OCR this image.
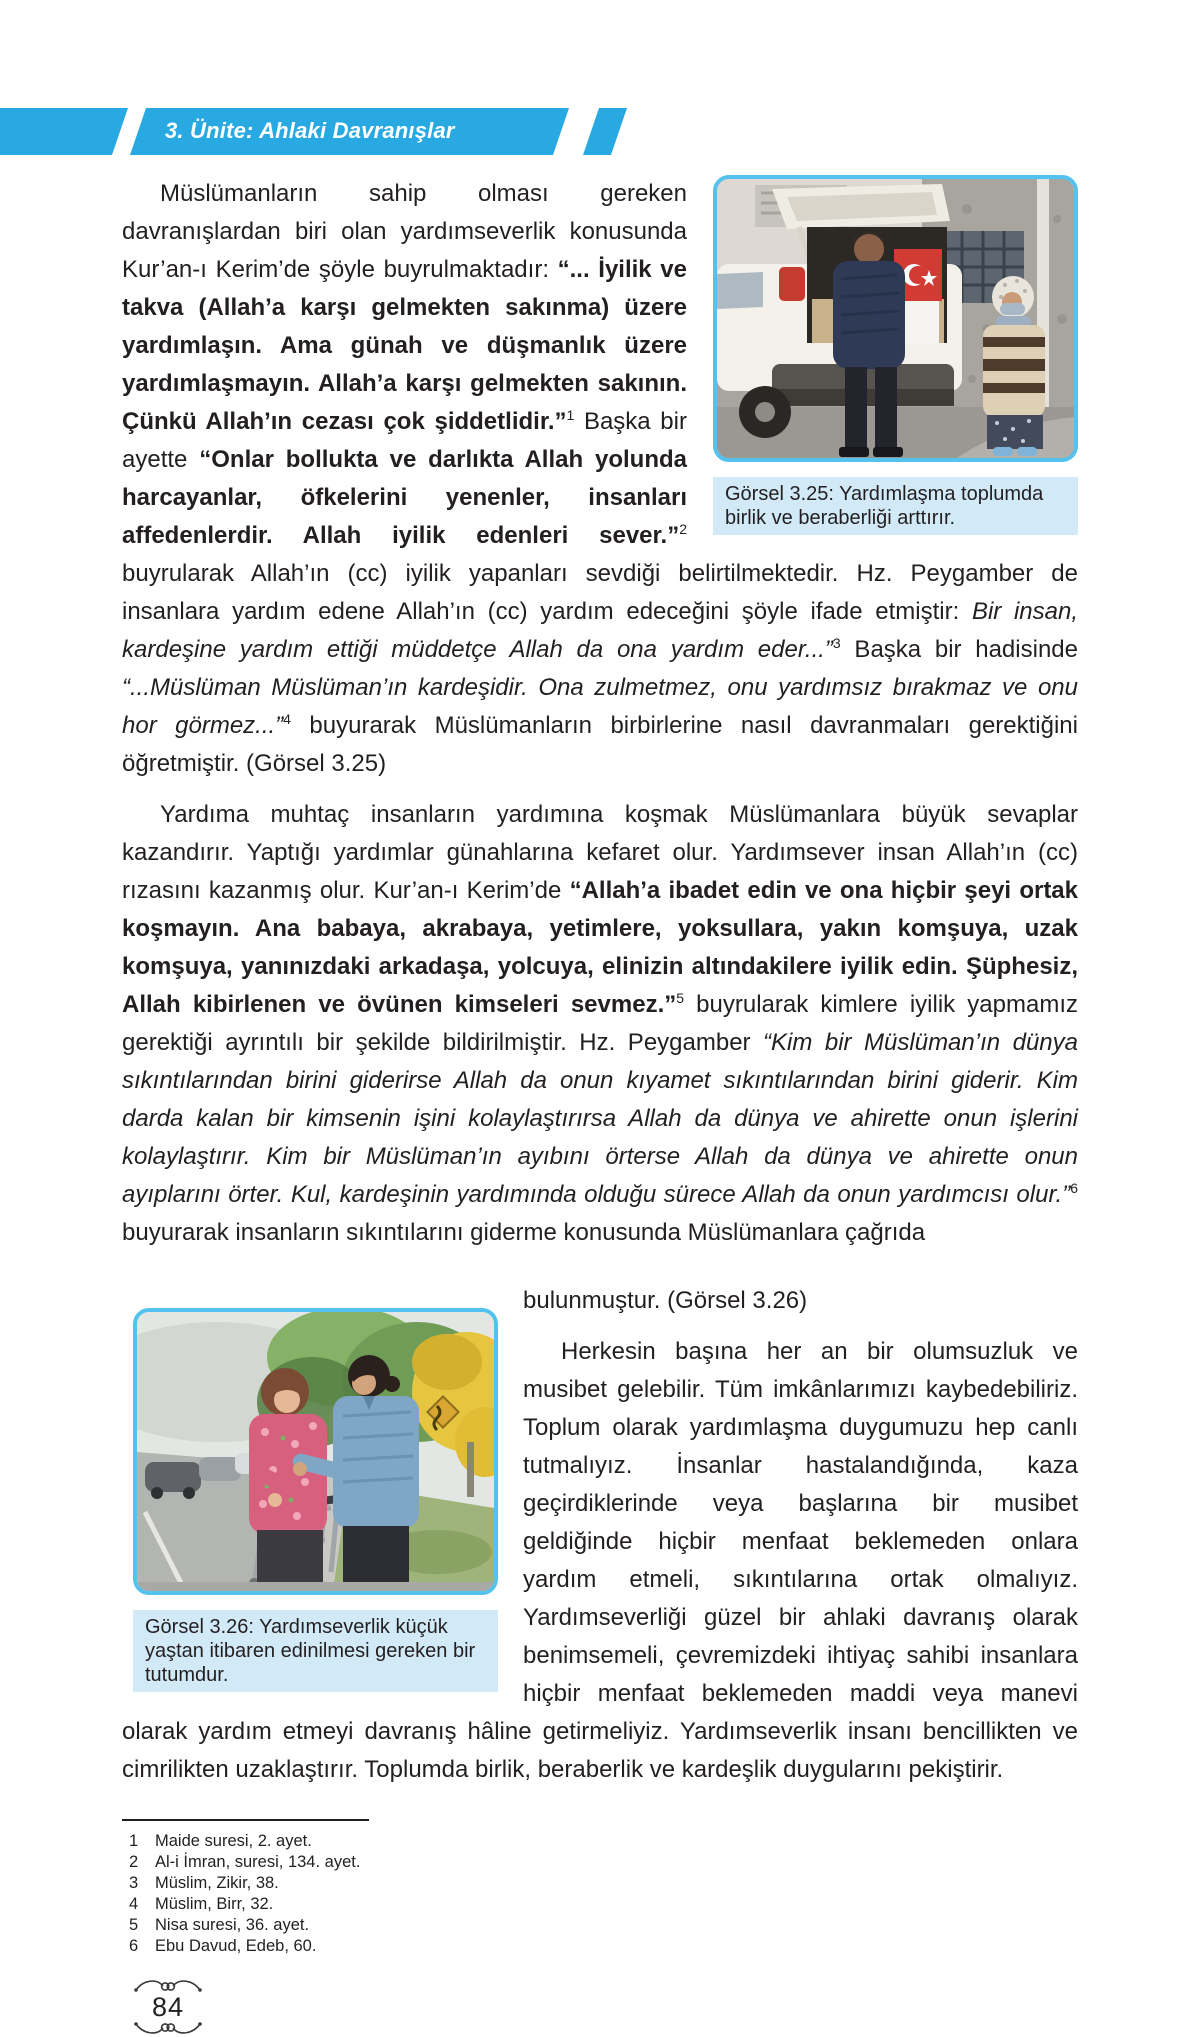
3. Ünite: Ahlaki Davranışlar
Görsel 3.25: Yardımlaşma toplumda birlik ve beraberliği arttırır.

Müslümanların sahip olması gereken davranışlardan biri olan yardımseverlik konusunda Kur’an-ı Kerim’de şöyle buyrulmaktadır: “... İyilik ve takva (Allah’a karşı gelmekten sakınma) üzere yardımlaşın. Ama günah ve düşmanlık üzere yardımlaşmayın. Allah’a karşı gelmekten sakının. Çünkü Allah’ın cezası çok şiddetlidir.”$^1$ Başka bir ayette “Onlar bollukta ve darlıkta Allah yolunda harcayanlar, öfkelerini yenenler, insanları affedenlerdir. Allah iyilik edenleri sever.”$^2$ buyrularak Allah’ın (cc) iyilik yapanları sevdiği belirtilmektedir. Hz. Peygamber de insanlara yardım edene Allah’ın (cc) yardım edeceğini şöyle ifade etmiştir: Bir insan, kardeşine yardım ettiği müddetçe Allah da ona yardım eder...”$^3$ Başka bir hadisinde “...Müslüman Müslüman’ın kardeşidir. Ona zulmetmez, onu yardımsız bırakmaz ve onu hor görmez...”$^4$ buyurarak Müslümanların birbirlerine nasıl davranmaları gerektiğini öğretmiştir. (Görsel 3.25)

Yardıma muhtaç insanların yardımına koşmak Müslümanlara büyük sevaplar kazandırır. Yaptığı yardımlar günahlarına kefaret olur. Yardımsever insan Allah’ın (cc) rızasını kazanmış olur. Kur’an-ı Kerim’de “Allah’a ibadet edin ve ona hiçbir şeyi ortak koşmayın. Ana babaya, akrabaya, yetimlere, yoksullara, yakın komşuya, uzak komşuya, yanınızdaki arkadaşa, yolcuya, elinizin altındakilere iyilik edin. Şüphesiz, Allah kibirlenen ve övünen kimseleri sevmez.”$^5$ buyrularak kimlere iyilik yapmamız gerektiği ayrıntılı bir şekilde bildirilmiştir. Hz. Peygamber “Kim bir Müslüman’ın dünya sıkıntılarından birini giderirse Allah da onun kıyamet sıkıntılarından birini giderir. Kim darda kalan bir kimsenin işini kolaylaştırırsa Allah da dünya ve ahirette onun işlerini kolaylaştırır. Kim bir Müslüman’ın ayıbını örterse Allah da dünya ve ahirette onun ayıplarını örter. Kul, kardeşinin yardımında olduğu sürece Allah da onun yardımcısı olur.”$^6$ buyurarak insanların sıkıntılarını giderme konusunda Müslümanlara çağrıda

Görsel 3.26: Yardımseverlik küçük yaştan itibaren edinilmesi gereken bir tutumdur.

bulunmuştur. (Görsel 3.26)

Herkesin başına her an bir olumsuzluk ve musibet gelebilir. Tüm imkânlarımızı kaybedebiliriz. Toplum olarak yardımlaşma duygumuzu hep canlı tutmalıyız. İnsanlar hastalandığında, kaza geçirdiklerinde veya başlarına bir musibet geldiğinde hiçbir menfaat beklemeden onlara yardım etmeli, sıkıntılarına ortak olmalıyız. Yardımseverliği güzel bir ahlaki davranış olarak benimsemeli, çevremizdeki ihtiyaç sahibi insanlara hiçbir menfaat beklemeden maddi veya manevi olarak yardım etmeyi davranış hâline getirmeliyiz. Yardımseverlik insanı bencillikten ve cimrilikten uzaklaştırır. Toplumda birlik, beraberlik ve kardeşlik duygularını pekiştirir.

1	Maide suresi, 2. ayet.
2	Al-i İmran, suresi, 134. ayet.
3	Müslim, Zikir, 38.
4	Müslim, Birr, 32.
5	Nisa suresi, 36. ayet.
6	Ebu Davud, Edeb, 60.
84
